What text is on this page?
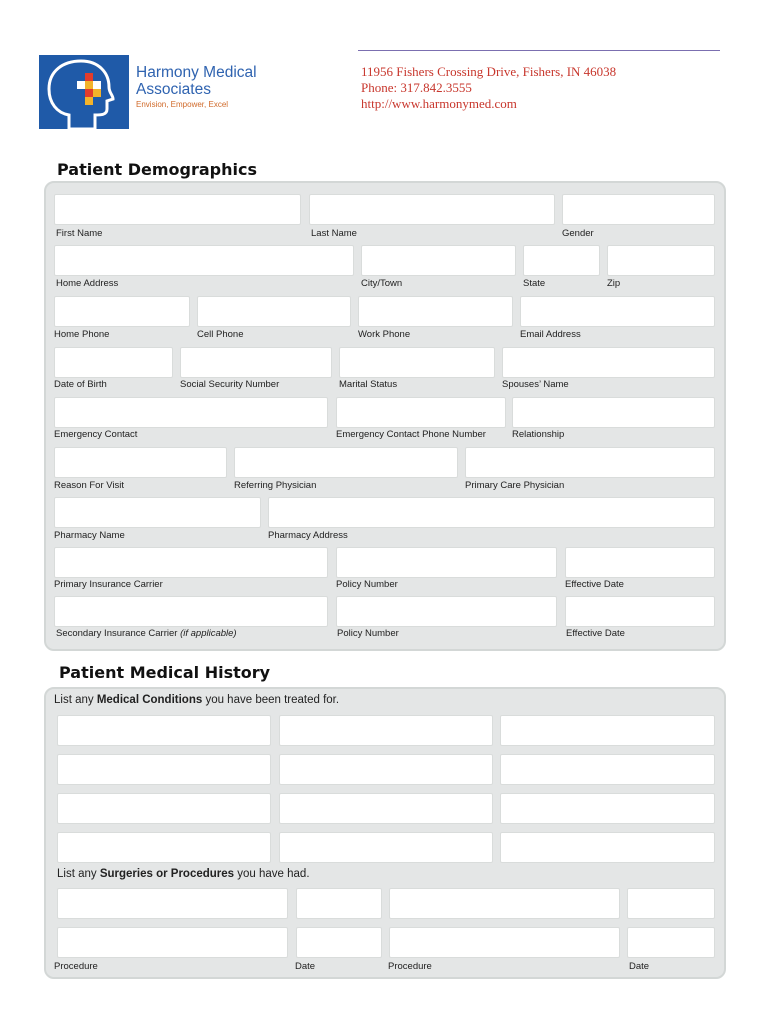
Harmony Medical
Associates
Envision, Empower, Excel
11956 Fishers Crossing Drive, Fishers, IN 46038
Phone: 317.842.3555
http://www.harmonymed.com
Patient Demographics
First Name	Last Name	Gender
Home Address	City/Town	State	Zip
Home Phone	Cell Phone	Work Phone	Email Address
Date of Birth	Social Security Number	Marital Status	Spouses’ Name
Emergency Contact	Emergency Contact Phone Number	Relationship
Reason For Visit	Referring Physician	Primary Care Physician
Pharmacy Name	Pharmacy Address
Primary Insurance Carrier	Policy Number	Effective Date
Secondary Insurance Carrier (if applicable)	Policy Number	Effective Date
Patient Medical History
List any Medical Conditions you have been treated for.
List any Surgeries or Procedures you have had.
Procedure	Date	Procedure	Date
